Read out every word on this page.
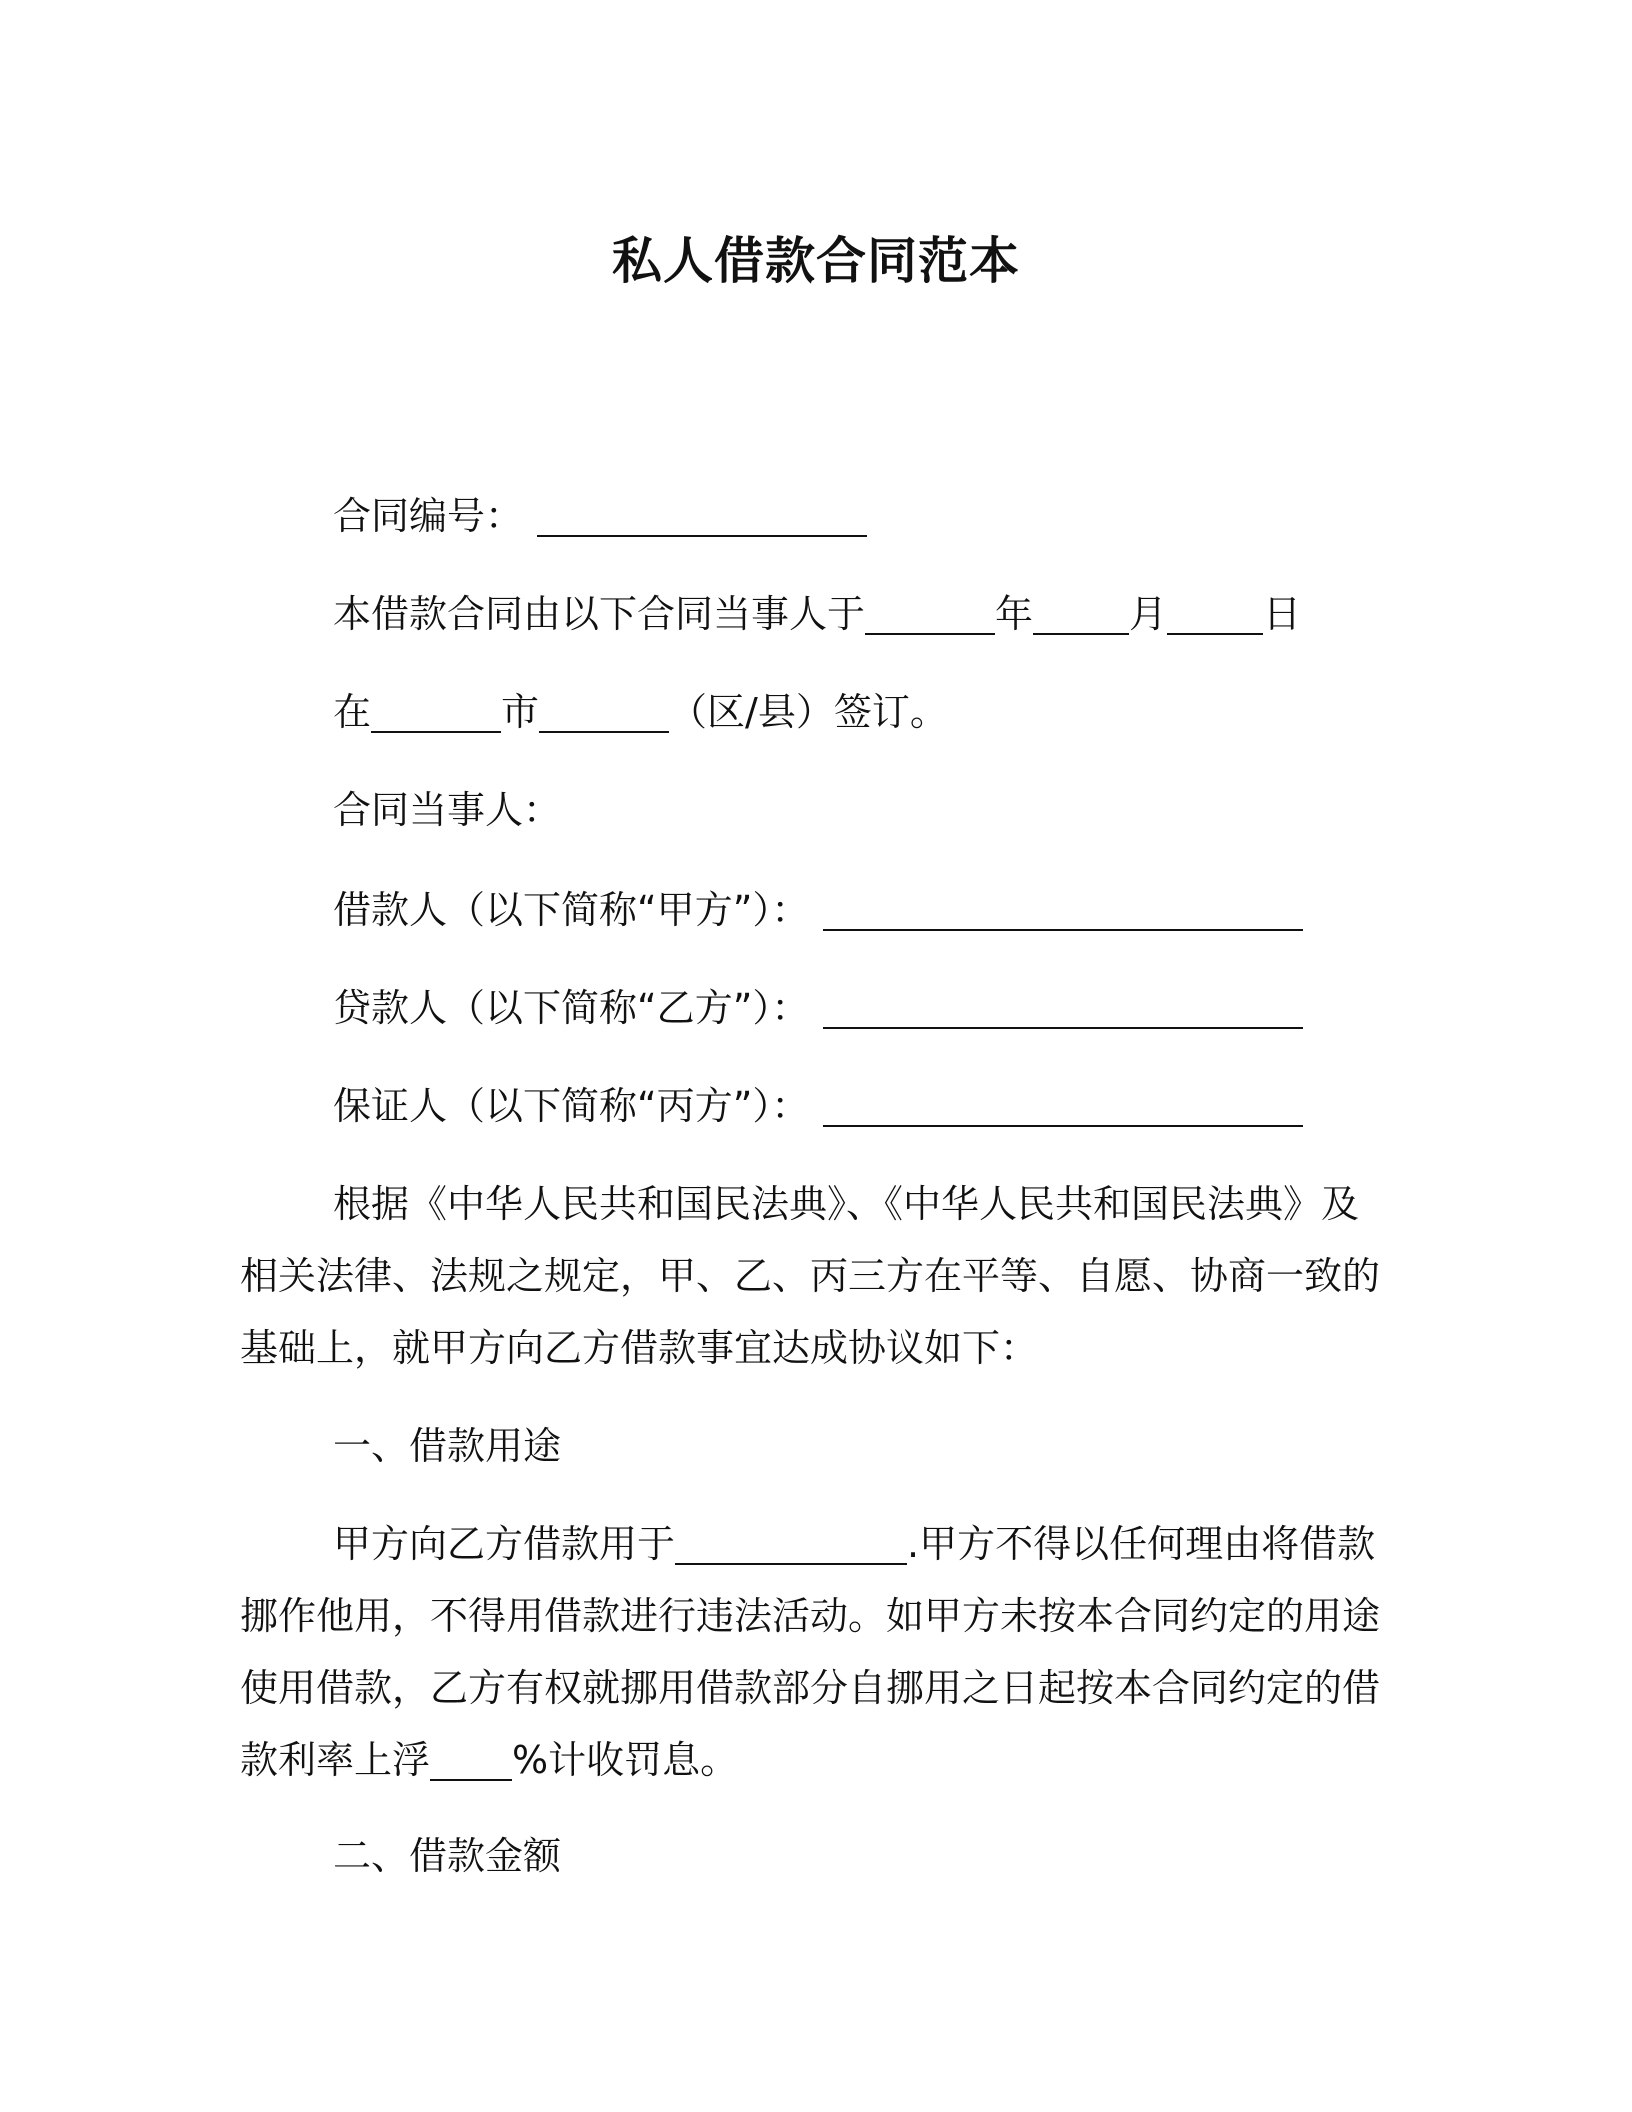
私人借款合同范本
合同编号：
本借款合同由以下合同当事人于	年	月	日
在	市	（区/县）签订。
合同当事人：
借款人（以下简称“甲方”）：
贷款人（以下简称“乙方”）：
保证人（以下简称“丙方”）：
根据《中华人民共和国民法典》、《中华人民共和国民法典》及
相关法律、法规之规定，甲、乙、丙三方在平等、自愿、协商一致的
基础上，就甲方向乙方借款事宜达成协议如下：
一、借款用途
甲方向乙方借款用于	.甲方不得以任何理由将借款
挪作他用，不得用借款进行违法活动。如甲方未按本合同约定的用途
使用借款，乙方有权就挪用借款部分自挪用之日起按本合同约定的借
款利率上浮 %计收罚息。
二、借款金额
